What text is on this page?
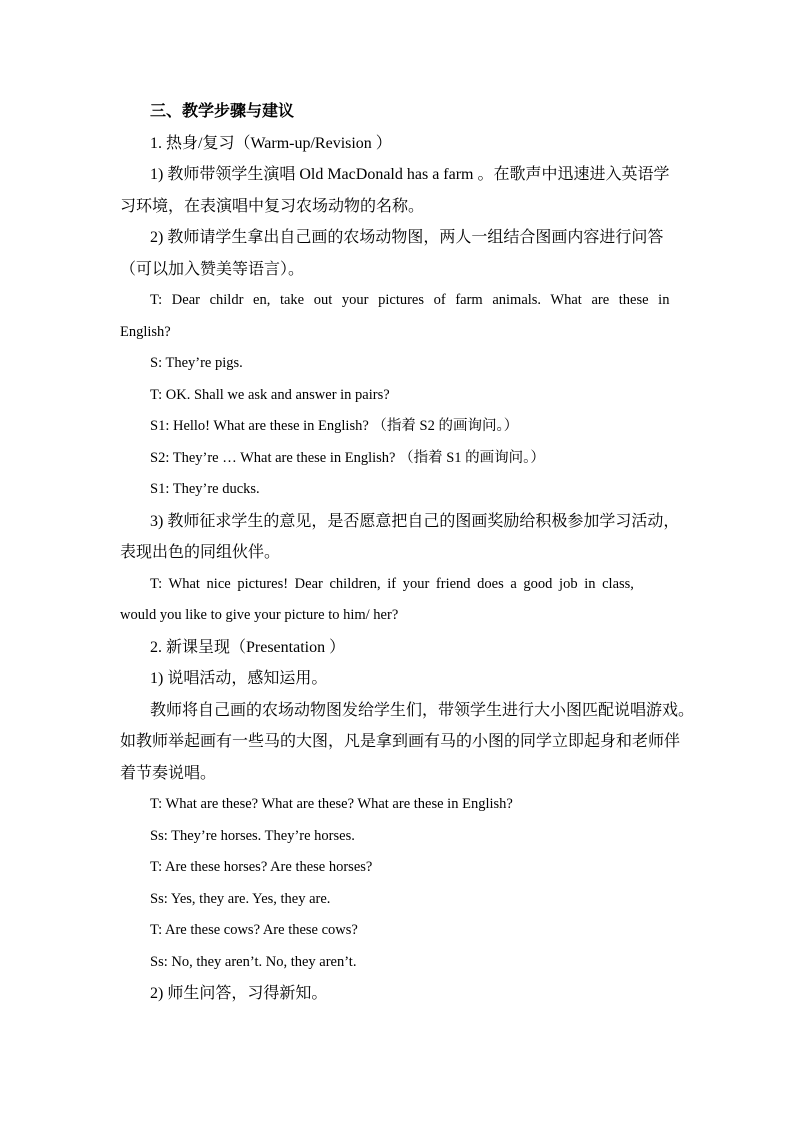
三、教学步骤与建议

1. 热身/复习（Warm-up/Revision ）

1) 教师带领学生演唱 Old MacDonald has a farm 。在歌声中迅速进入英语学

习环境，在表演唱中复习农场动物的名称。

2) 教师请学生拿出自己画的农场动物图，两人一组结合图画内容进行问答

（可以加入赞美等语言）。

T: Dear childr en, take out your pictures of farm animals. What are these in

English?

S: They’re pigs.

T: OK. Shall we ask and answer in pairs?

S1: Hello! What are these in English? （指着 S2 的画询问。）

S2: They’re … What are these in English? （指着 S1 的画询问。）

S1: They’re ducks.

3) 教师征求学生的意见，是否愿意把自己的图画奖励给积极参加学习活动，

表现出色的同组伙伴。

T: What nice pictures! Dear children, if your friend does a good job in class,

would you like to give your picture to him/ her?

2. 新课呈现（Presentation ）

1) 说唱活动，感知运用。

教师将自己画的农场动物图发给学生们，带领学生进行大小图匹配说唱游戏。

如教师举起画有一些马的大图，凡是拿到画有马的小图的同学立即起身和老师伴

着节奏说唱。

T: What are these? What are these? What are these in English?

Ss: They’re horses. They’re horses.

T: Are these horses? Are these horses?

Ss: Yes, they are. Yes, they are.

T: Are these cows? Are these cows?

Ss: No, they aren’t. No, they aren’t.

2) 师生问答，习得新知。
